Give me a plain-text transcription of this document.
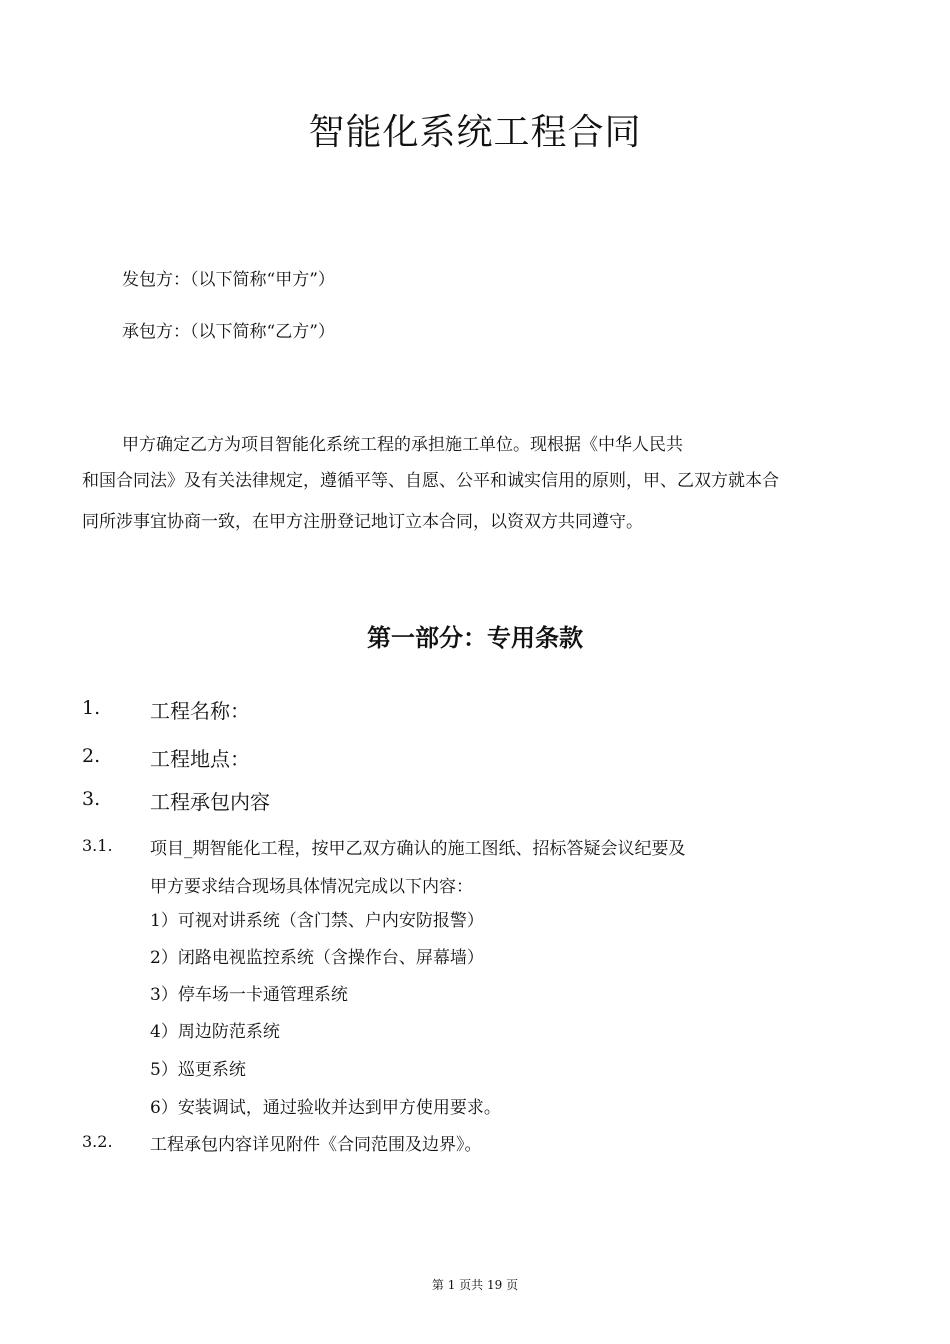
智能化系统工程合同
发包方：（以下简称“甲方”）
承包方：（以下简称“乙方”）
甲方确定乙方为项目智能化系统工程的承担施工单位。现根据《中华人民共
和国合同法》及有关法律规定，遵循平等、自愿、公平和诚实信用的原则，甲、乙双方就本合
同所涉事宜协商一致，在甲方注册登记地订立本合同，以资双方共同遵守。
第一部分：专用条款
1. 工程名称：
2. 工程地点：
3. 工程承包内容
3.1. 项目_期智能化工程，按甲乙双方确认的施工图纸、招标答疑会议纪要及
甲方要求结合现场具体情况完成以下内容：
1）可视对讲系统（含门禁、户内安防报警）
2）闭路电视监控系统（含操作台、屏幕墙）
3）停车场一卡通管理系统
4）周边防范系统
5）巡更系统
6）安装调试，通过验收并达到甲方使用要求。
3.2. 工程承包内容详见附件《合同范围及边界》。
第 1 页共 19 页
